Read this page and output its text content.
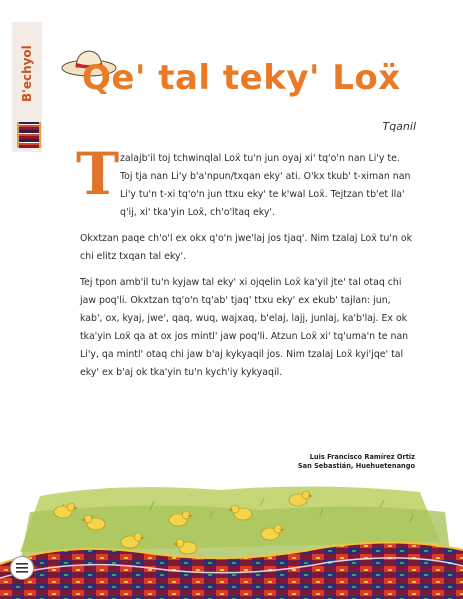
B'echyol Qe' tal teky' Loẍ
Tqanil
T zalajb'il toj tchwinqlal Loẍ tu'n jun oyaj xi' tq'o'n nan Li'y te.

Toj tja nan Li'y b'a'npun/txqan eky' ati. O'kx tkub' t-ximan nan Li'y tu'n t-xi tq'o'n jun ttxu eky' te k'wal Loẍ. Tejtzan tb'et lla' q'ij, xi' tka'yin Loẍ, ch'o'ltaq eky'.

Okxtzan paqe ch'o'l ex okx q'o'n jwe'laj jos tjaq'. Nim tzalaj Loẍ tu'n ok chi elitz txqan tal eky'.

Tej tpon amb'il tu'n kyjaw tal eky' xi ojqelin Loẍ ka'yil jte' tal otaq chi jaw poq'li. Okxtzan tq'o'n tq'ab' tjaq' ttxu eky' ex ekub' tajlan: jun, kab', ox, kyaj, jwe', qaq, wuq, wajxaq, b'elaj, lajj, junlaj, ka'b'laj. Ex ok tka'yin Loẍ qa at ox jos mintl' jaw poq'li. Atzun Loẍ xi' tq'uma'n te nan Li'y, qa mintl' otaq chi jaw b'aj kykyaqil jos. Nim tzalaj Loẍ kyi'jqe' tal eky' ex b'aj ok tka'yin tu'n kych'iy kykyaqil.

Luis Francisco Ramírez Ortiz
San Sebastián, Huehuetenango
